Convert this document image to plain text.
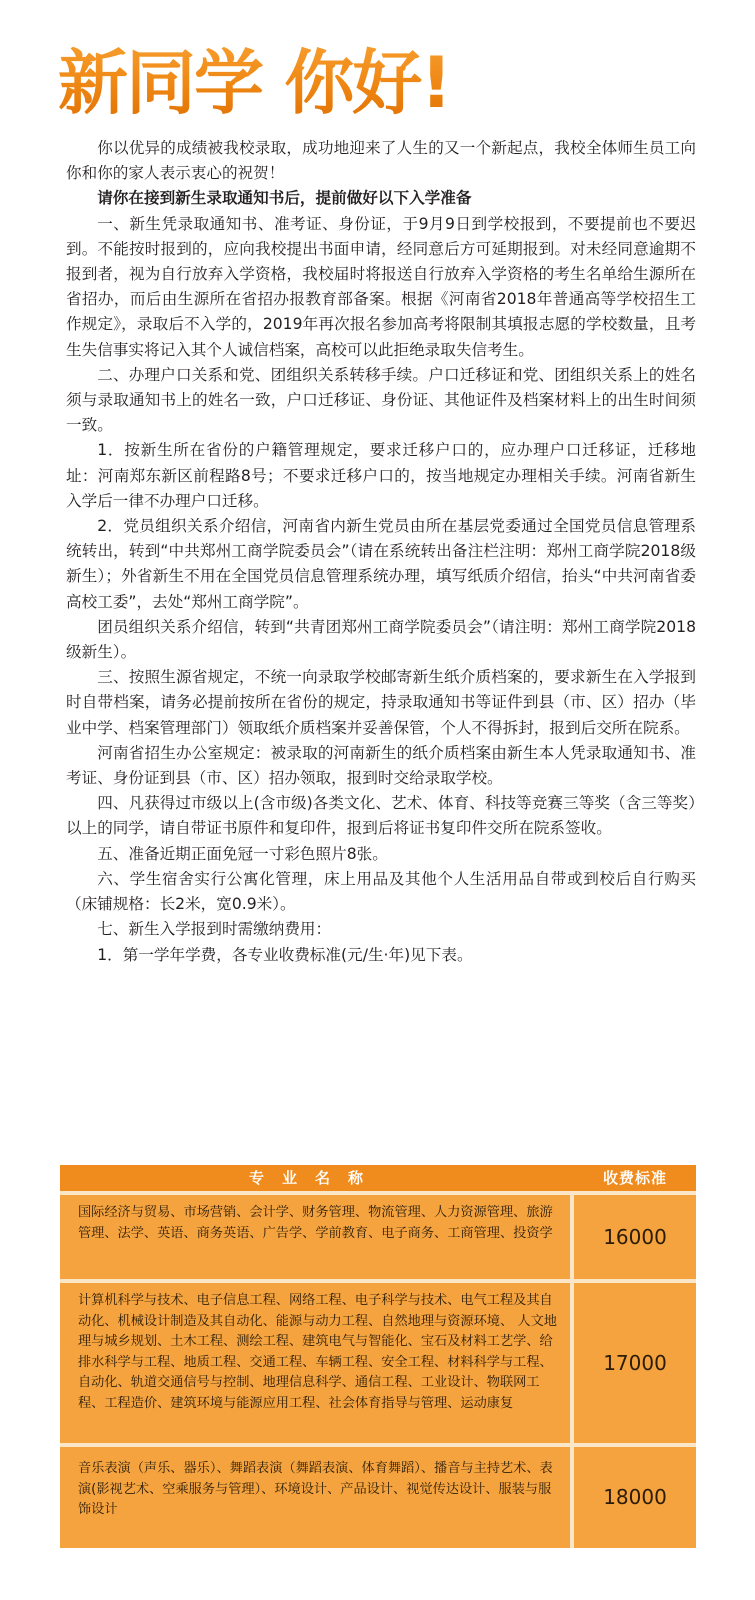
新同学 你好!

你以优异的成绩被我校录取，成功地迎来了人生的又一个新起点，我校全体师生员工向你和你的家人表示衷心的祝贺！

请你在接到新生录取通知书后，提前做好以下入学准备

一、新生凭录取通知书、准考证、身份证，于9月9日到学校报到，不要提前也不要迟到。不能按时报到的，应向我校提出书面申请，经同意后方可延期报到。对未经同意逾期不报到者，视为自行放弃入学资格，我校届时将报送自行放弃入学资格的考生名单给生源所在省招办，而后由生源所在省招办报教育部备案。根据《河南省2018年普通高等学校招生工作规定》，录取后不入学的，2019年再次报名参加高考将限制其填报志愿的学校数量，且考生失信事实将记入其个人诚信档案，高校可以此拒绝录取失信考生。

二、办理户口关系和党、团组织关系转移手续。户口迁移证和党、团组织关系上的姓名须与录取通知书上的姓名一致，户口迁移证、身份证、其他证件及档案材料上的出生时间须一致。

1．按新生所在省份的户籍管理规定，要求迁移户口的，应办理户口迁移证，迁移地址：河南郑东新区前程路8号；不要求迁移户口的，按当地规定办理相关手续。河南省新生入学后一律不办理户口迁移。

2．党员组织关系介绍信，河南省内新生党员由所在基层党委通过全国党员信息管理系统转出，转到“中共郑州工商学院委员会”（请在系统转出备注栏注明：郑州工商学院2018级新生）；外省新生不用在全国党员信息管理系统办理，填写纸质介绍信，抬头“中共河南省委高校工委”，去处“郑州工商学院”。

团员组织关系介绍信，转到“共青团郑州工商学院委员会”（请注明：郑州工商学院2018级新生）。

三、按照生源省规定，不统一向录取学校邮寄新生纸介质档案的，要求新生在入学报到时自带档案，请务必提前按所在省份的规定，持录取通知书等证件到县（市、区）招办（毕业中学、档案管理部门）领取纸介质档案并妥善保管，个人不得拆封，报到后交所在院系。

河南省招生办公室规定：被录取的河南新生的纸介质档案由新生本人凭录取通知书、准考证、身份证到县（市、区）招办领取，报到时交给录取学校。

四、凡获得过市级以上(含市级)各类文化、艺术、体育、科技等竞赛三等奖（含三等奖）以上的同学，请自带证书原件和复印件，报到后将证书复印件交所在院系签收。

五、准备近期正面免冠一寸彩色照片8张。

六、学生宿舍实行公寓化管理，床上用品及其他个人生活用品自带或到校后自行购买（床铺规格：长2米，宽0.9米）。

七、新生入学报到时需缴纳费用：

1．第一学年学费，各专业收费标准(元/生·年)见下表。

专业名称	收费标准
国际经济与贸易、市场营销、会计学、财务管理、物流管理、人力资源管理、旅游管理、法学、英语、商务英语、广告学、学前教育、电子商务、工商管理、投资学	16000
计算机科学与技术、电子信息工程、网络工程、电子科学与技术、电气工程及其自动化、机械设计制造及其自动化、能源与动力工程、自然地理与资源环境、 人文地理与城乡规划、土木工程、测绘工程、建筑电气与智能化、宝石及材料工艺学、给排水科学与工程、地质工程、交通工程、车辆工程、安全工程、材料科学与工程、自动化、轨道交通信号与控制、地理信息科学、通信工程、工业设计、物联网工程、工程造价、建筑环境与能源应用工程、社会体育指导与管理、运动康复
17000
音乐表演（声乐、器乐）、舞蹈表演（舞蹈表演、体育舞蹈）、播音与主持艺术、表演(影视艺术、空乘服务与管理）、环境设计、产品设计、视觉传达设计、服装与服饰设计
18000
